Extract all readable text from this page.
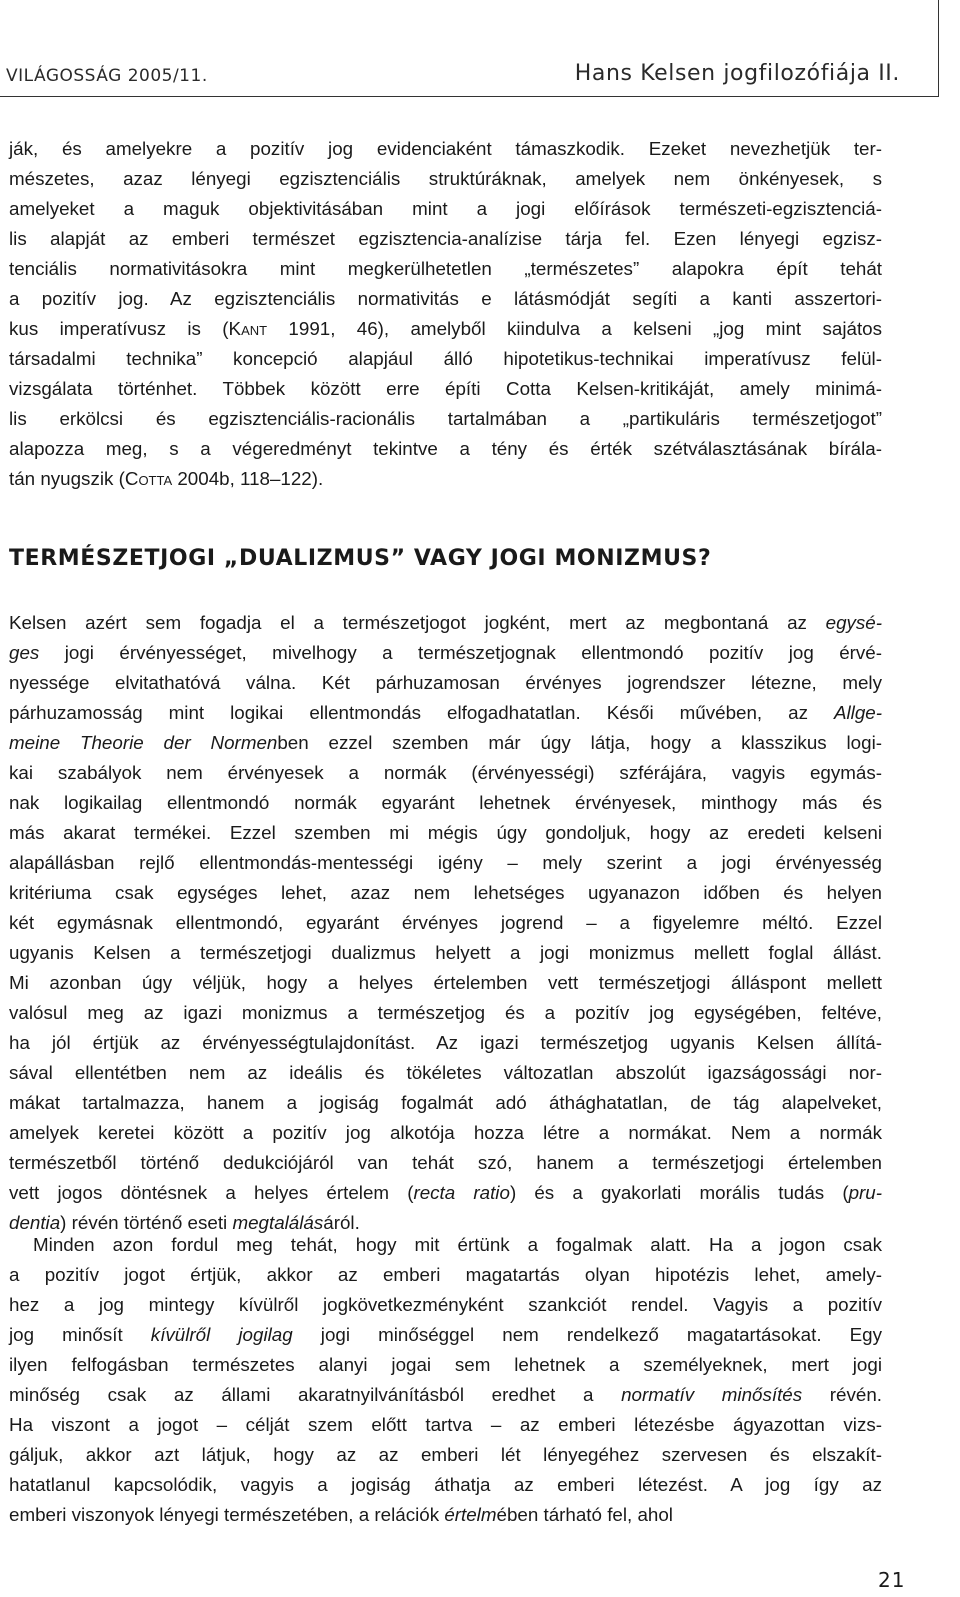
VILÁGOSSÁG 2005/11.	Hans Kelsen jogfilozófiája II.
ják, és amelyekre a pozitív jog evidenciaként támaszkodik. Ezeket nevezhetjük ter-
mészetes, azaz lényegi egzisztenciális struktúráknak, amelyek nem önkényesek, s
amelyeket a maguk objektivitásában mint a jogi előírások természeti-egzisztenciá-
lis alapját az emberi természet egzisztencia-analízise tárja fel. Ezen lényegi egzisz-
tenciális normativitásokra mint megkerülhetetlen „természetes” alapokra épít tehát
a pozitív jog. Az egzisztenciális normativitás e látásmódját segíti a kanti asszertori-
kus imperatívusz is (Kant 1991, 46), amelyből kiindulva a kelseni „jog mint sajátos
társadalmi technika” koncepció alapjául álló hipotetikus-technikai imperatívusz felül-
vizsgálata történhet. Többek között erre építi Cotta Kelsen-kritikáját, amely minimá-
lis erkölcsi és egzisztenciális-racionális tartalmában a „partikuláris természetjogot”
alapozza meg, s a végeredményt tekintve a tény és érték szétválasztásának bírála-
tán nyugszik (Cotta 2004b, 118–122).
TERMÉSZETJOGI „DUALIZMUS” VAGY JOGI MONIZMUS?
Kelsen azért sem fogadja el a természetjogot jogként, mert az megbontaná az egysé-
ges jogi érvényességet, mivelhogy a természetjognak ellentmondó pozitív jog érvé-
nyessége elvitathatóvá válna. Két párhuzamosan érvényes jogrendszer létezne, mely
párhuzamosság mint logikai ellentmondás elfogadhatatlan. Késői művében, az Allge-
meine Theorie der Normenben ezzel szemben már úgy látja, hogy a klasszikus logi-
kai szabályok nem érvényesek a normák (érvényességi) szférájára, vagyis egymás-
nak logikailag ellentmondó normák egyaránt lehetnek érvényesek, minthogy más és
más akarat termékei. Ezzel szemben mi mégis úgy gondoljuk, hogy az eredeti kelseni
alapállásban rejlő ellentmondás-mentességi igény – mely szerint a jogi érvényesség
kritériuma csak egységes lehet, azaz nem lehetséges ugyanazon időben és helyen
két egymásnak ellentmondó, egyaránt érvényes jogrend – a figyelemre méltó. Ezzel
ugyanis Kelsen a természetjogi dualizmus helyett a jogi monizmus mellett foglal állást.
Mi azonban úgy véljük, hogy a helyes értelemben vett természetjogi álláspont mellett
valósul meg az igazi monizmus a természetjog és a pozitív jog egységében, feltéve,
ha jól értjük az érvényességtulajdonítást. Az igazi természetjog ugyanis Kelsen állítá-
sával ellentétben nem az ideális és tökéletes változatlan abszolút igazságossági nor-
mákat tartalmazza, hanem a jogiság fogalmát adó áthághatatlan, de tág alapelveket,
amelyek keretei között a pozitív jog alkotója hozza létre a normákat. Nem a normák
természetből történő dedukciójáról van tehát szó, hanem a természetjogi értelemben
vett jogos döntésnek a helyes értelem (recta ratio) és a gyakorlati morális tudás (pru-
dentia) révén történő eseti megtalálásáról.
Minden azon fordul meg tehát, hogy mit értünk a fogalmak alatt. Ha a jogon csak
a pozitív jogot értjük, akkor az emberi magatartás olyan hipotézis lehet, amely-
hez a jog mintegy kívülről jogkövetkezményként szankciót rendel. Vagyis a pozitív
jog minősít kívülről jogilag jogi minőséggel nem rendelkező magatartásokat. Egy
ilyen felfogásban természetes alanyi jogai sem lehetnek a személyeknek, mert jogi
minőség csak az állami akaratnyilvánításból eredhet a normatív minősítés révén.
Ha viszont a jogot – célját szem előtt tartva – az emberi létezésbe ágyazottan vizs-
gáljuk, akkor azt látjuk, hogy az az emberi lét lényegéhez szervesen és elszakít-
hatatlanul kapcsolódik, vagyis a jogiság áthatja az emberi létezést. A jog így az
emberi viszonyok lényegi természetében, a relációk értelmében tárható fel, ahol
21
